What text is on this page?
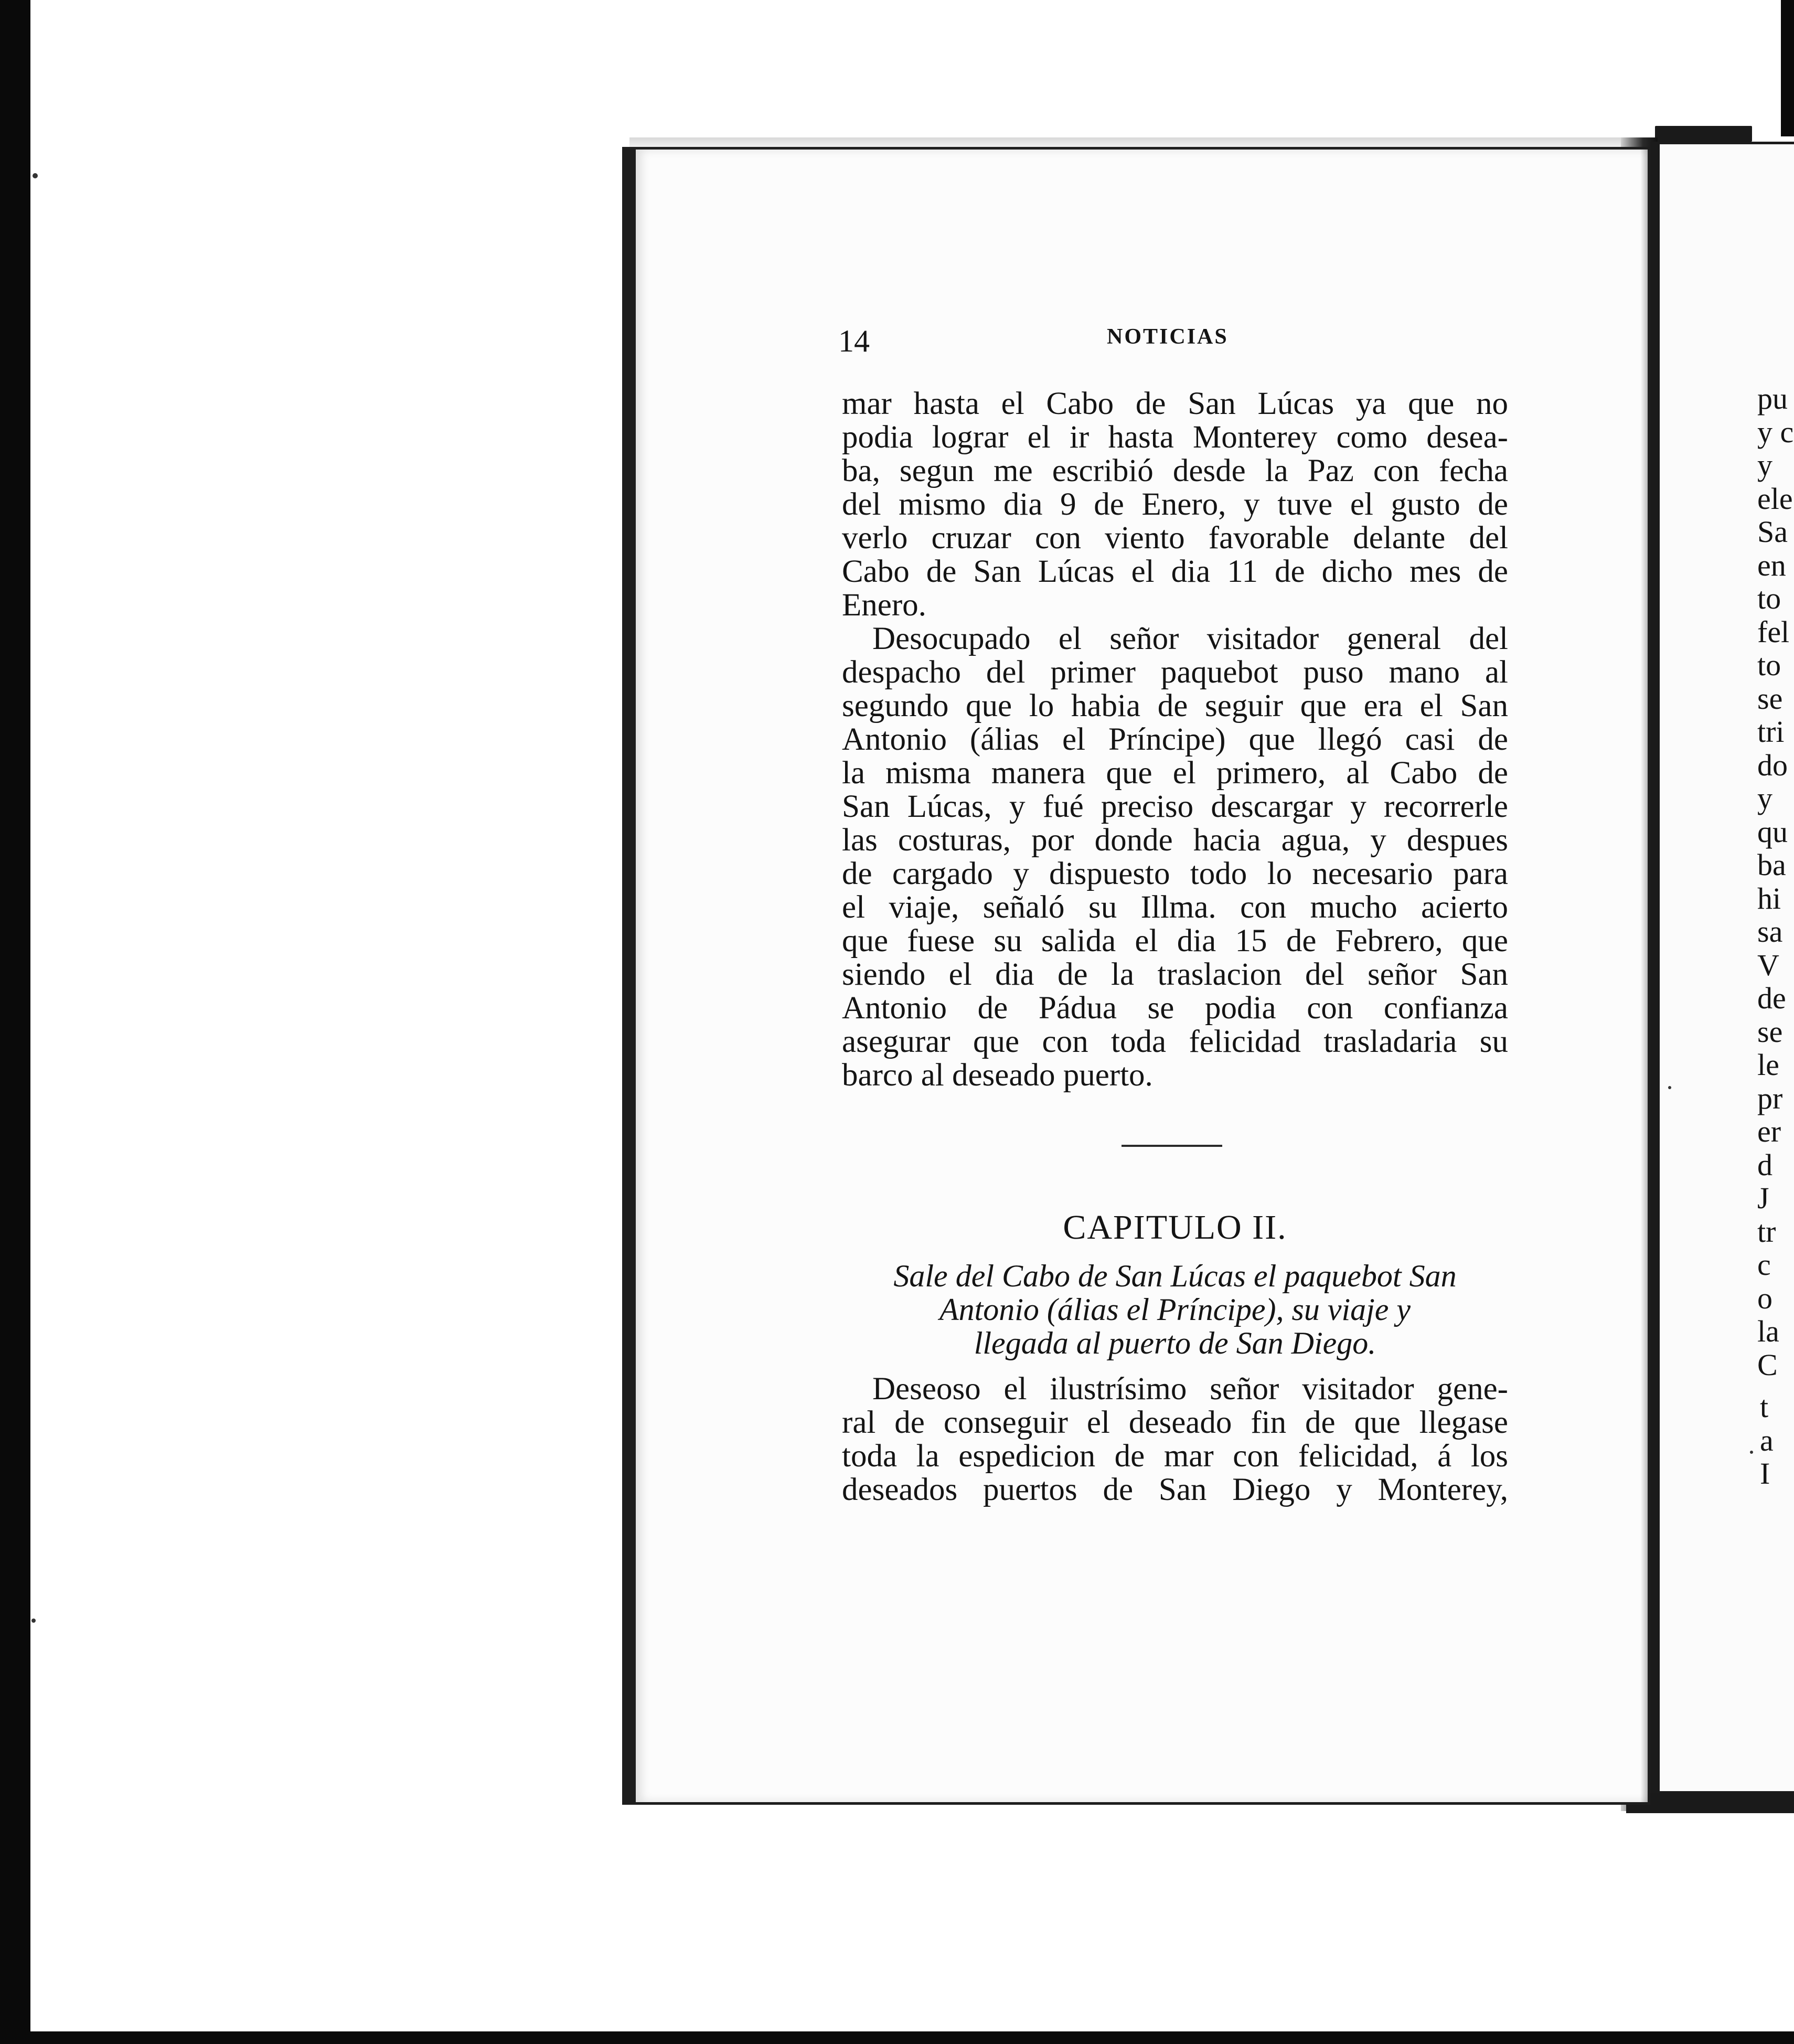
14	NOTICIAS

mar hasta el Cabo de San Lúcas ya que no
podia lograr el ir hasta Monterey como desea-
ba, segun me escribió desde la Paz con fecha
del mismo dia 9 de Enero, y tuve el gusto de
verlo cruzar con viento favorable delante del
Cabo de San Lúcas el dia 11 de dicho mes de
Enero.

Desocupado el señor visitador general del
despacho del primer paquebot puso mano al
segundo que lo habia de seguir que era el San
Antonio (álias el Príncipe) que llegó casi de
la misma manera que el primero, al Cabo de
San Lúcas, y fué preciso descargar y recorrerle
las costuras, por donde hacia agua, y despues
de cargado y dispuesto todo lo necesario para
el viaje, señaló su Illma. con mucho acierto
que fuese su salida el dia 15 de Febrero, que
siendo el dia de la traslacion del señor San
Antonio de Pádua se podia con confianza
asegurar que con toda felicidad trasladaria su
barco al deseado puerto.

CAPITULO II.
Sale del Cabo de San Lúcas el paquebot San
Antonio (álias el Príncipe), su viaje y
llegada al puerto de San Diego.

Deseoso el ilustrísimo señor visitador gene-
ral de conseguir el deseado fin de que llegase
toda la espedicion de mar con felicidad, á los
deseados puertos de San Diego y Monterey,

pu
y c
y
ele
Sa
en
to
fel
to
se
tri
do
y
qu
ba
hi
sa
V
de
se
le
pr
er
d
J
tr
c
o
la
C
t
a
I
